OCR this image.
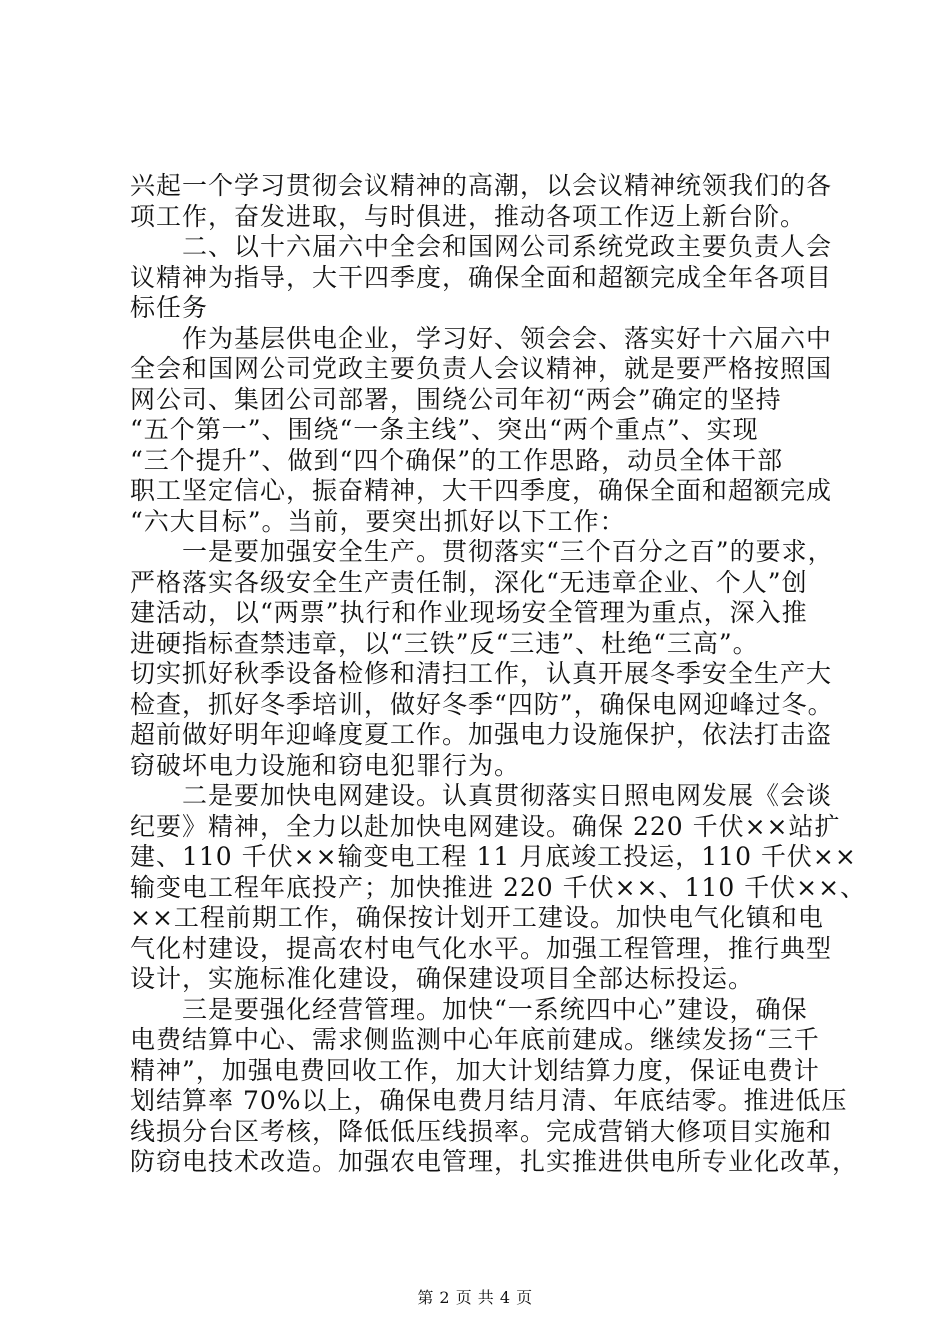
兴起一个学习贯彻会议精神的高潮，以会议精神统领我们的各
项工作，奋发进取，与时俱进，推动各项工作迈上新台阶。
　　二、以十六届六中全会和国网公司系统党政主要负责人会
议精神为指导，大干四季度，确保全面和超额完成全年各项目
标任务
　　作为基层供电企业，学习好、领会会、落实好十六届六中
全会和国网公司党政主要负责人会议精神，就是要严格按照国
网公司、集团公司部署，围绕公司年初“两会”确定的坚持
“五个第一”、围绕“一条主线”、突出“两个重点”、实现
“三个提升”、做到“四个确保”的工作思路，动员全体干部
职工坚定信心，振奋精神，大干四季度，确保全面和超额完成
“六大目标”。当前，要突出抓好以下工作：
　　一是要加强安全生产。贯彻落实“三个百分之百”的要求，
严格落实各级安全生产责任制，深化“无违章企业、个人”创
建活动，以“两票”执行和作业现场安全管理为重点，深入推
进硬指标查禁违章，以“三铁”反“三违”、杜绝“三高”。
切实抓好秋季设备检修和清扫工作，认真开展冬季安全生产大
检查，抓好冬季培训，做好冬季“四防”，确保电网迎峰过冬。
超前做好明年迎峰度夏工作。加强电力设施保护，依法打击盗
窃破坏电力设施和窃电犯罪行为。
　　二是要加快电网建设。认真贯彻落实日照电网发展《会谈
纪要》精神，全力以赴加快电网建设。确保 220 千伏××站扩
建、110 千伏××输变电工程 11 月底竣工投运，110 千伏××
输变电工程年底投产；加快推进 220 千伏××、110 千伏××、
××工程前期工作，确保按计划开工建设。加快电气化镇和电
气化村建设，提高农村电气化水平。加强工程管理，推行典型
设计，实施标准化建设，确保建设项目全部达标投运。
　　三是要强化经营管理。加快“一系统四中心”建设，确保
电费结算中心、需求侧监测中心年底前建成。继续发扬“三千
精神”，加强电费回收工作，加大计划结算力度，保证电费计
划结算率 70%以上，确保电费月结月清、年底结零。推进低压
线损分台区考核，降低低压线损率。完成营销大修项目实施和
防窃电技术改造。加强农电管理，扎实推进供电所专业化改革，
第 2 页 共 4 页
